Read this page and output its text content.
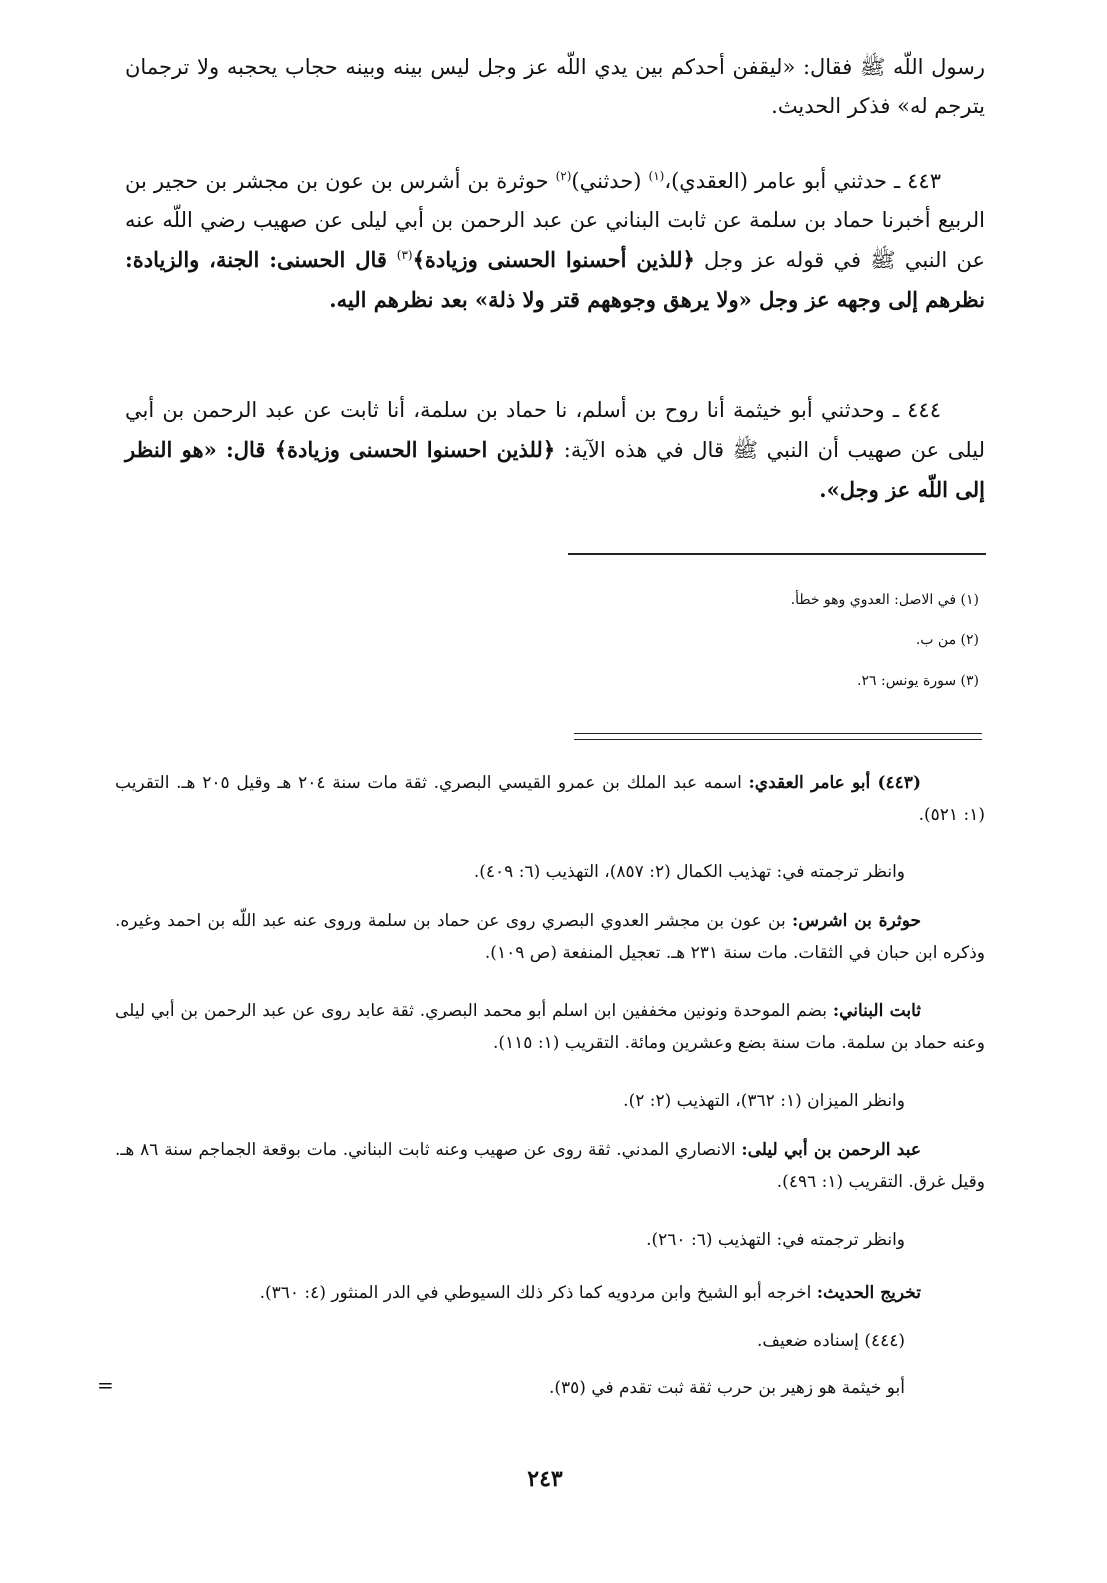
رسول اللّه ﷺ فقال: «ليقفن أحدكم بين يدي اللّه عز وجل ليس بينه وبينه حجاب يحجبه ولا ترجمان يترجم له» فذكر الحديث.

٤٤٣ ـ حدثني أبو عامر (العقدي)،$^{(١)}$ (حدثني)$^{(٢)}$ حوثرة بن أشرس بن عون بن مجشر بن حجير بن الربيع أخبرنا حماد بن سلمة عن ثابت البناني عن عبد الرحمن بن أبي ليلى عن صهيب رضي اللّه عنه عن النبي ﷺ في قوله عز وجل ﴿للذين أحسنوا الحسنى وزيادة﴾$^{(٣)}$ قال الحسنى: الجنة، والزيادة: نظرهم إلى وجهه عز وجل «ولا يرهق وجوههم قتر ولا ذلة» بعد نظرهم اليه.

٤٤٤ ـ وحدثني أبو خيثمة أنا روح بن أسلم، نا حماد بن سلمة، أنا ثابت عن عبد الرحمن بن أبي ليلى عن صهيب أن النبي ﷺ قال في هذه الآية: ﴿للذين احسنوا الحسنى وزيادة﴾ قال: «هو النظر إلى اللّه عز وجل».

(١) في الاصل: العدوي وهو خطأ.
(٢) من ب.
(٣) سورة يونس: ٢٦.

(٤٤٣) أبو عامر العقدي: اسمه عبد الملك بن عمرو القيسي البصري. ثقة مات سنة ٢٠٤ هـ وقيل ٢٠٥ هـ. التقريب (١: ٥٢١).

وانظر ترجمته في: تهذيب الكمال (٢: ٨٥٧)، التهذيب (٦: ٤٠٩).

حوثرة بن اشرس: بن عون بن مجشر العدوي البصري روى عن حماد بن سلمة وروى عنه عبد اللّه بن احمد وغيره. وذكره ابن حبان في الثقات. مات سنة ٢٣١ هـ. تعجيل المنفعة (ص ١٠٩).

ثابت البناني: بضم الموحدة ونونين مخففين ابن اسلم أبو محمد البصري. ثقة عابد روى عن عبد الرحمن بن أبي ليلى وعنه حماد بن سلمة. مات سنة بضع وعشرين ومائة. التقريب (١: ١١٥).

وانظر الميزان (١: ٣٦٢)، التهذيب (٢: ٢).

عبد الرحمن بن أبي ليلى: الانصاري المدني. ثقة روى عن صهيب وعنه ثابت البناني. مات بوقعة الجماجم سنة ٨٦ هـ. وقيل غرق. التقريب (١: ٤٩٦).

وانظر ترجمته في: التهذيب (٦: ٢٦٠).

تخريج الحديث: اخرجه أبو الشيخ وابن مردويه كما ذكر ذلك السيوطي في الدر المنثور (٤: ٣٦٠).

(٤٤٤) إسناده ضعيف.

أبو خيثمة هو زهير بن حرب ثقة ثبت تقدم في (٣٥).

=
٢٤٣
